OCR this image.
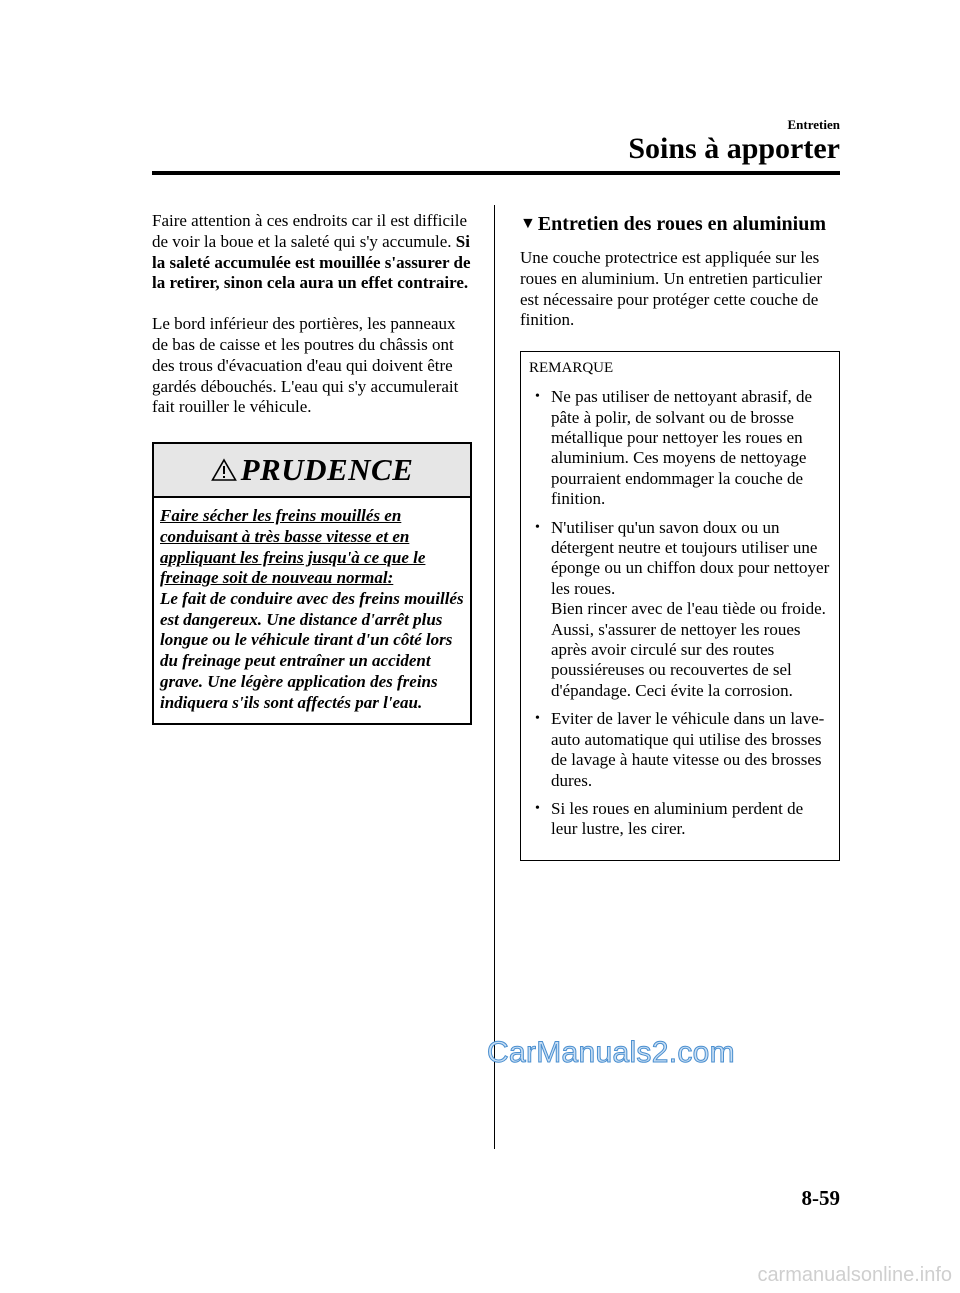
Entretien
Soins à apporter

Faire attention à ces endroits car il est difficile de voir la boue et la saleté qui s'y accumule. Si la saleté accumulée est mouillée s'assurer de la retirer, sinon cela aura un effet contraire.

Le bord inférieur des portières, les panneaux de bas de caisse et les poutres du châssis ont des trous d'évacuation d'eau qui doivent être gardés débouchés. L'eau qui s'y accumulerait fait rouiller le véhicule.

PRUDENCE
Faire sécher les freins mouillés en conduisant à très basse vitesse et en appliquant les freins jusqu'à ce que le freinage soit de nouveau normal:
Le fait de conduire avec des freins mouillés est dangereux. Une distance d'arrêt plus longue ou le véhicule tirant d'un côté lors du freinage peut entraîner un accident grave. Une légère application des freins indiquera s'ils sont affectés par l'eau.
▼ Entretien des roues en aluminium

Une couche protectrice est appliquée sur les roues en aluminium. Un entretien particulier est nécessaire pour protéger cette couche de finition.

REMARQUE
• Ne pas utiliser de nettoyant abrasif, de pâte à polir, de solvant ou de brosse métallique pour nettoyer les roues en aluminium. Ces moyens de nettoyage pourraient endommager la couche de finition.
• N'utiliser qu'un savon doux ou un détergent neutre et toujours utiliser une éponge ou un chiffon doux pour nettoyer les roues.
Bien rincer avec de l'eau tiède ou froide. Aussi, s'assurer de nettoyer les roues après avoir circulé sur des routes poussiéreuses ou recouvertes de sel d'épandage. Ceci évite la corrosion.
• Eviter de laver le véhicule dans un lave-auto automatique qui utilise des brosses de lavage à haute vitesse ou des brosses dures.
• Si les roues en aluminium perdent de leur lustre, les cirer.
CarManuals2.com
8-59
carmanualsonline.info
